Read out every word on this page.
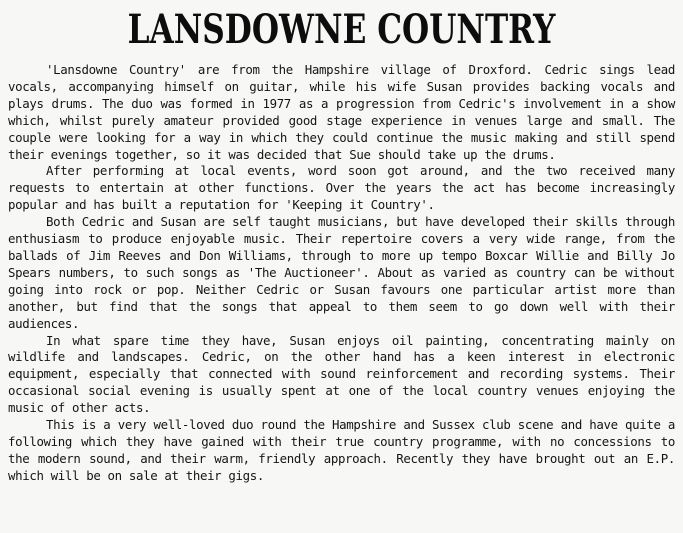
LANSDOWNE COUNTRY

'Lansdowne Country' are from the Hampshire village of Droxford. Cedric sings lead vocals, accompanying himself on guitar, while his wife Susan provides backing vocals and plays drums. The duo was formed in 1977 as a progression from Cedric's involvement in a show which, whilst purely amateur provided good stage experience in venues large and small. The couple were looking for a way in which they could continue the music making and still spend their evenings together, so it was decided that Sue should take up the drums.

After performing at local events, word soon got around, and the two received many requests to entertain at other functions. Over the years the act has become increasingly popular and has built a reputation for 'Keeping it Country'.

Both Cedric and Susan are self taught musicians, but have developed their skills through enthusiasm to produce enjoyable music. Their repertoire covers a very wide range, from the ballads of Jim Reeves and Don Williams, through to more up tempo Boxcar Willie and Billy Jo Spears numbers, to such songs as 'The Auctioneer'. About as varied as country can be without going into rock or pop. Neither Cedric or Susan favours one particular artist more than another, but find that the songs that appeal to them seem to go down well with their audiences.

In what spare time they have, Susan enjoys oil painting, concentrating mainly on wildlife and landscapes. Cedric, on the other hand has a keen interest in electronic equipment, especially that connected with sound reinforcement and recording systems. Their occasional social evening is usually spent at one of the local country venues enjoying the music of other acts.

This is a very well-loved duo round the Hampshire and Sussex club scene and have quite a following which they have gained with their true country programme, with no concessions to the modern sound, and their warm, friendly approach. Recently they have brought out an E.P. which will be on sale at their gigs.
